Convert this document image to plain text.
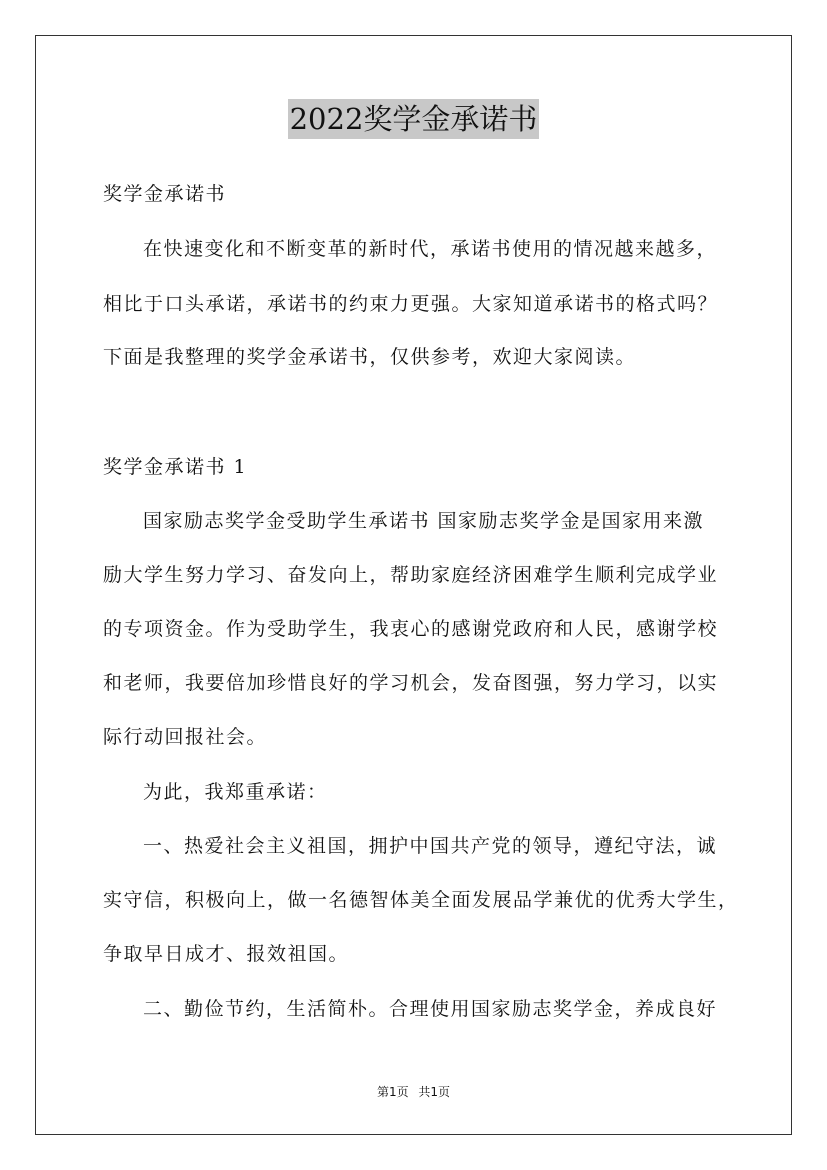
2022奖学金承诺书
奖学金承诺书
在快速变化和不断变革的新时代，承诺书使用的情况越来越多，
相比于口头承诺，承诺书的约束力更强。大家知道承诺书的格式吗？
下面是我整理的奖学金承诺书，仅供参考，欢迎大家阅读。
奖学金承诺书 1
国家励志奖学金受助学生承诺书 国家励志奖学金是国家用来激
励大学生努力学习、奋发向上，帮助家庭经济困难学生顺利完成学业
的专项资金。作为受助学生，我衷心的感谢党政府和人民，感谢学校
和老师，我要倍加珍惜良好的学习机会，发奋图强，努力学习，以实
际行动回报社会。
为此，我郑重承诺：
一、热爱社会主义祖国，拥护中国共产党的领导，遵纪守法，诚
实守信，积极向上，做一名德智体美全面发展品学兼优的优秀大学生，
争取早日成才、报效祖国。
二、勤俭节约，生活简朴。合理使用国家励志奖学金，养成良好
第1页 共1页
